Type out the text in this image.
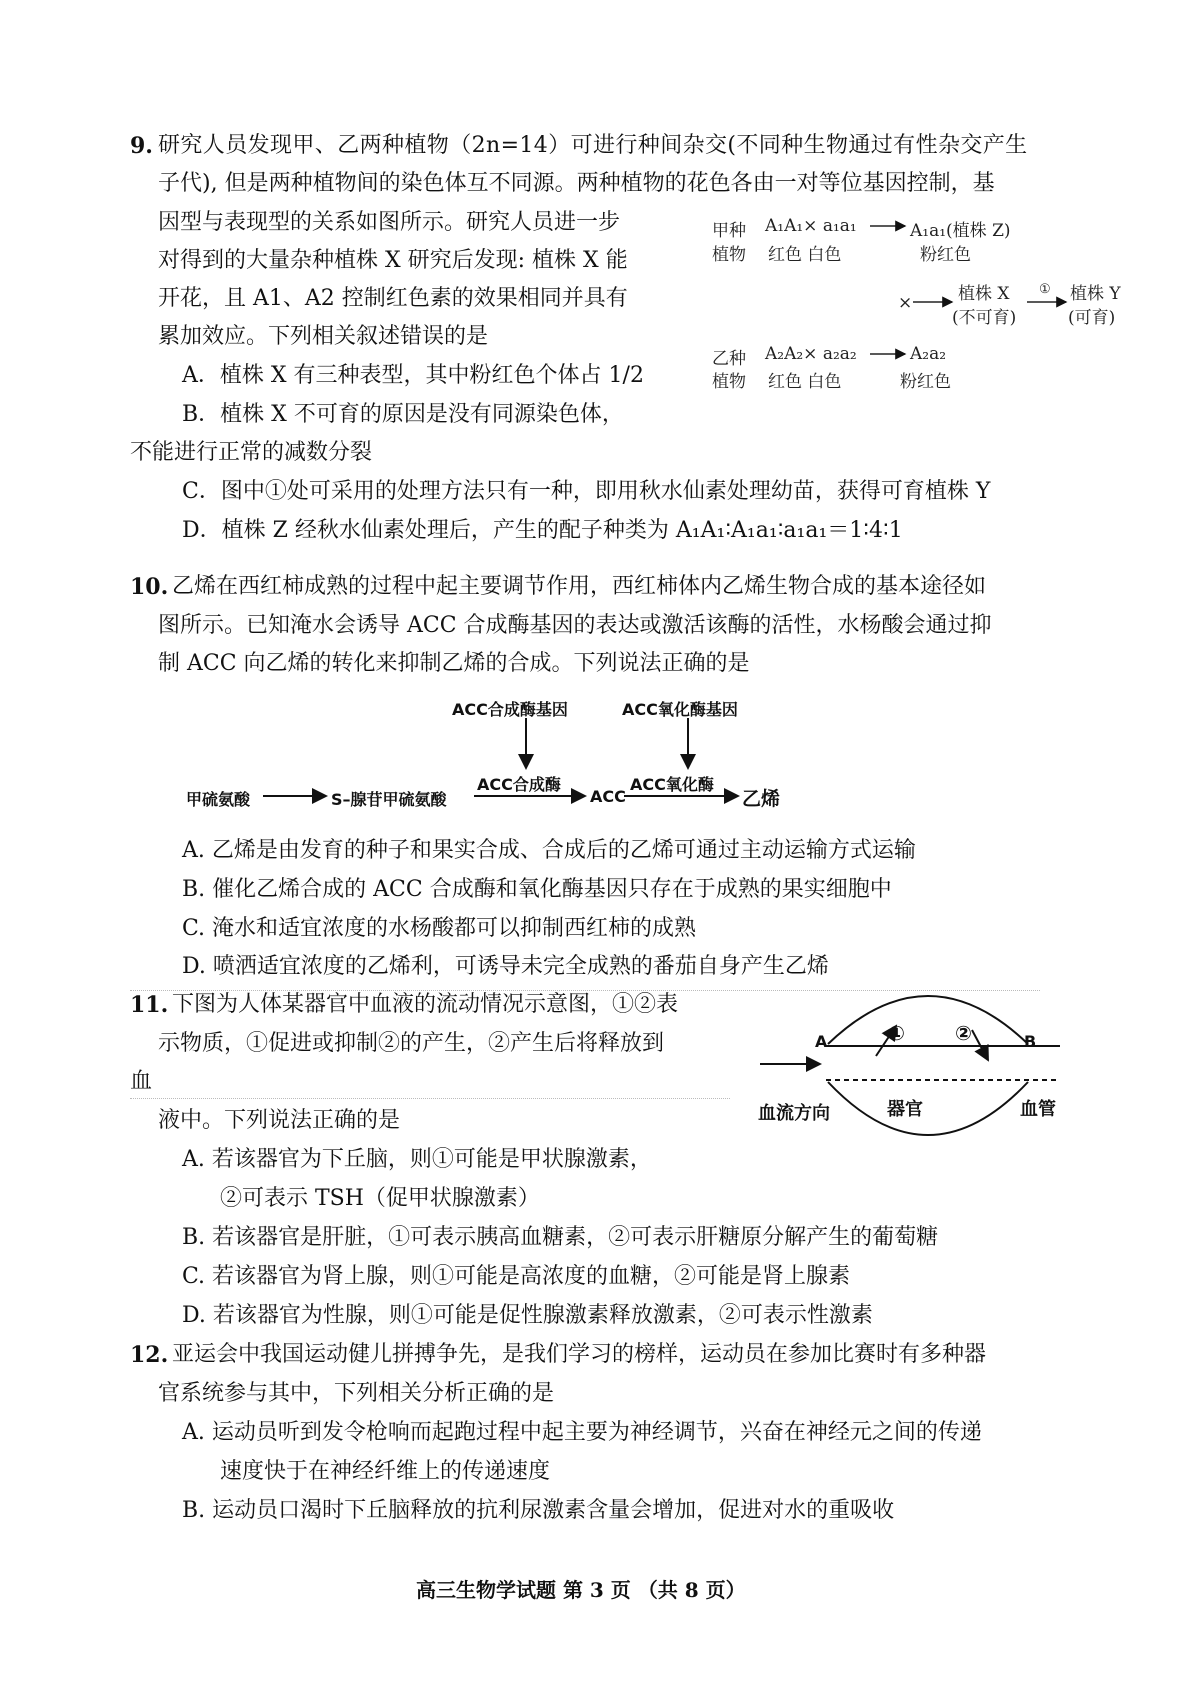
9. 研究人员发现甲、乙两种植物（2n=14）可进行种间杂交(不同种生物通过有性杂交产生
子代), 但是两种植物间的染色体互不同源。两种植物的花色各由一对等位基因控制，基
因型与表现型的关系如图所示。研究人员进一步
对得到的大量杂种植株 X 研究后发现: 植株 X 能
开花，且 A1、A2 控制红色素的效果相同并具有
累加效应。下列相关叙述错误的是
A．植株 X 有三种表型，其中粉红色个体占 1/2
B．植株 X 不可育的原因是没有同源染色体，
不能进行正常的减数分裂
C．图中①处可采用的处理方法只有一种，即用秋水仙素处理幼苗，获得可育植株 Y
D．植株 Z 经秋水仙素处理后，产生的配子种类为 A₁A₁∶A₁a₁∶a₁a₁＝1∶4∶1
甲种
植物
A₁A₁× a₁a₁	A₁a₁(植株 Z)
红色 白色	粉红色
×	植株 X
(不可育)
① 植株 Y
(可育)
乙种
植物
A₂A₂× a₂a₂	A₂a₂
红色 白色	粉红色
10. 乙烯在西红柿成熟的过程中起主要调节作用，西红柿体内乙烯生物合成的基本途径如
图所示。已知淹水会诱导 ACC 合成酶基因的表达或激活该酶的活性，水杨酸会通过抑
制 ACC 向乙烯的转化来抑制乙烯的合成。下列说法正确的是
ACC合成酶基因	ACC氧化酶基因
甲硫氨酸	S–腺苷甲硫氨酸
ACC合成酶
ACC
ACC氧化酶
乙烯
A. 乙烯是由发育的种子和果实合成、合成后的乙烯可通过主动运输方式运输
B. 催化乙烯合成的 ACC 合成酶和氧化酶基因只存在于成熟的果实细胞中
C. 淹水和适宜浓度的水杨酸都可以抑制西红柿的成熟
D. 喷洒适宜浓度的乙烯利，可诱导未完全成熟的番茄自身产生乙烯
11. 下图为人体某器官中血液的流动情况示意图，①②表
示物质，①促进或抑制②的产生，②产生后将释放到
血
液中。下列说法正确的是
A	B
①	②
血流方向	器官	血管
A. 若该器官为下丘脑，则①可能是甲状腺激素，
②可表示 TSH（促甲状腺激素）
B. 若该器官是肝脏，①可表示胰高血糖素，②可表示肝糖原分解产生的葡萄糖
C. 若该器官为肾上腺，则①可能是高浓度的血糖，②可能是肾上腺素
D. 若该器官为性腺，则①可能是促性腺激素释放激素，②可表示性激素
12. 亚运会中我国运动健儿拼搏争先，是我们学习的榜样，运动员在参加比赛时有多种器
官系统参与其中，下列相关分析正确的是
A. 运动员听到发令枪响而起跑过程中起主要为神经调节，兴奋在神经元之间的传递
速度快于在神经纤维上的传递速度
B. 运动员口渴时下丘脑释放的抗利尿激素含量会增加，促进对水的重吸收
高三生物学试题 第 3 页 （共 8 页）
